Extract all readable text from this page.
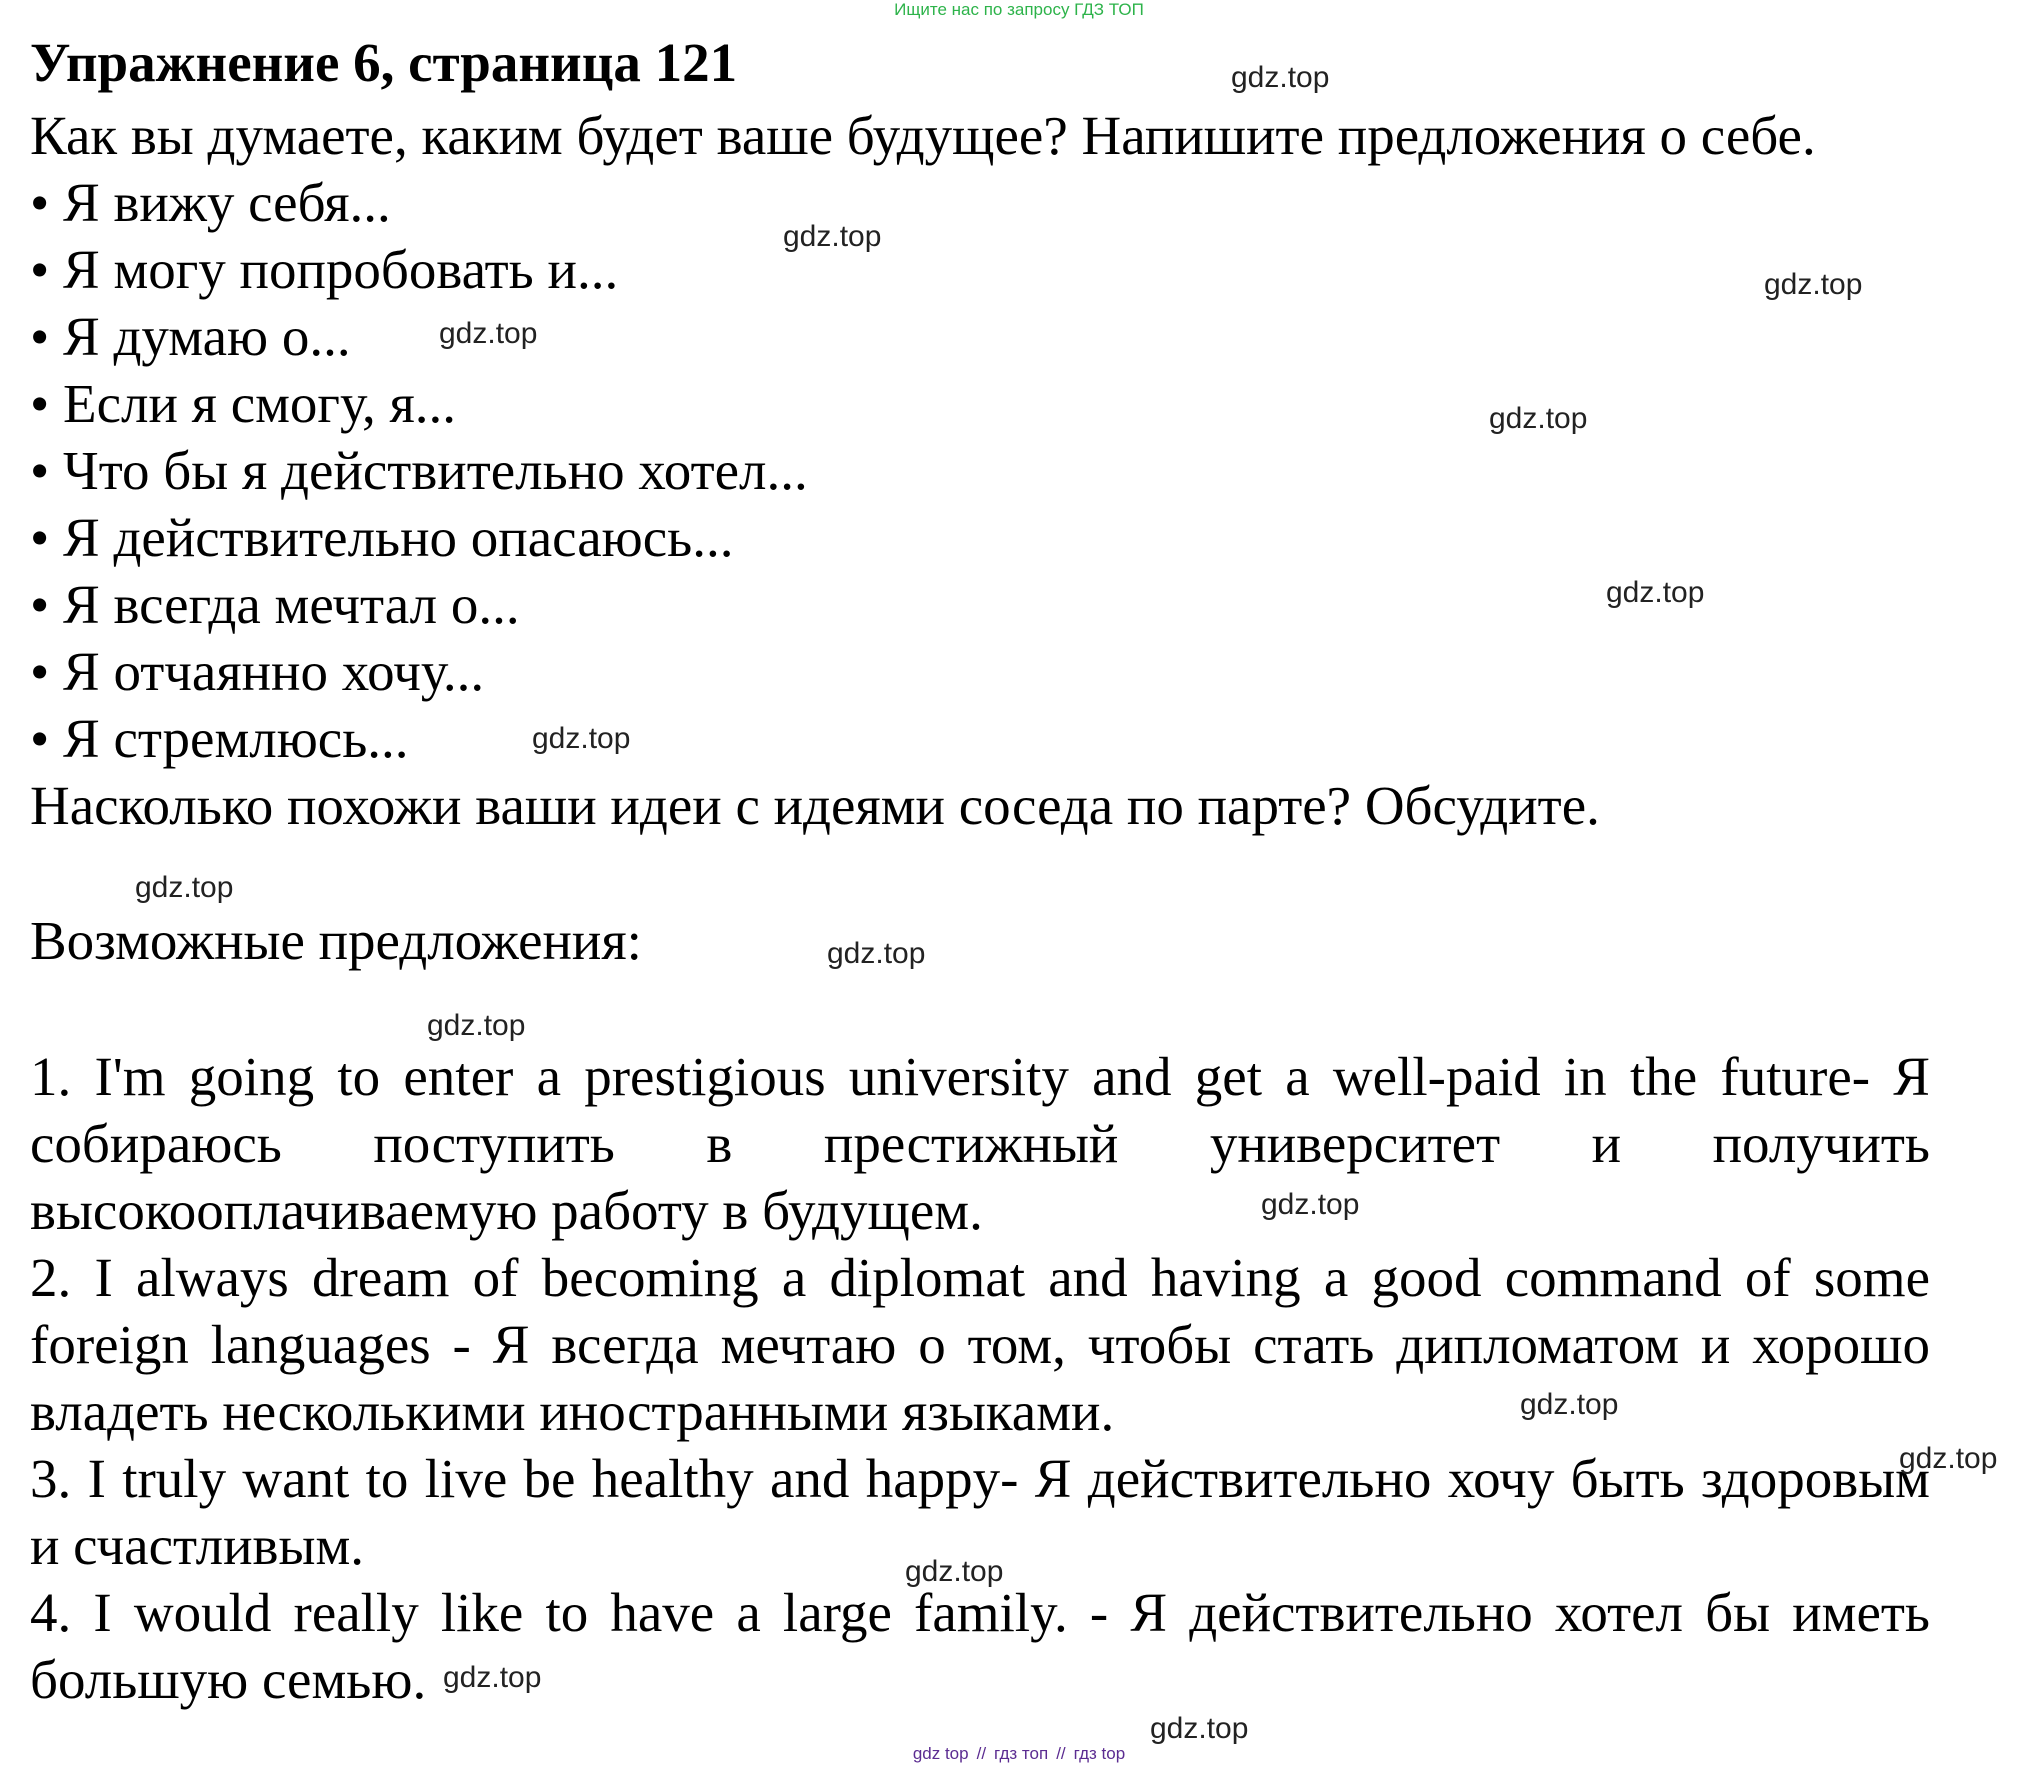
Ищите нас по запросу ГДЗ ТОП
Упражнение 6, страница 121
Как вы думаете, каким будет ваше будущее? Напишите предложения о себе.
• Я вижу себя...
• Я могу попробовать и...
• Я думаю о...
• Если я смогу, я...
• Что бы я действительно хотел...
• Я действительно опасаюсь...
• Я всегда мечтал о...
• Я отчаянно хочу...
• Я стремлюсь...
Насколько похожи ваши идеи с идеями соседа по парте? Обсудите.
Возможные предложения:
1. I'm going to enter a prestigious university and get a well-paid in the future- Я собираюсь поступить в престижный университет и получить высокооплачиваемую работу в будущем.
2. I always dream of becoming a diplomat and having a good command of some foreign languages - Я всегда мечтаю о том, чтобы стать дипломатом и хорошо владеть несколькими иностранными языками.
3. I truly want to live be healthy and happy- Я действительно хочу быть здоровым и счастливым.
4. I would really like to have a large family. - Я действительно хотел бы иметь большую семью.
gdz.top
gdz.top
gdz.top
gdz.top
gdz.top
gdz.top
gdz.top
gdz.top
gdz.top
gdz.top
gdz.top
gdz.top
gdz.top
gdz.top
gdz.top
gdz.top
gdz top // гдз топ // гдз top
